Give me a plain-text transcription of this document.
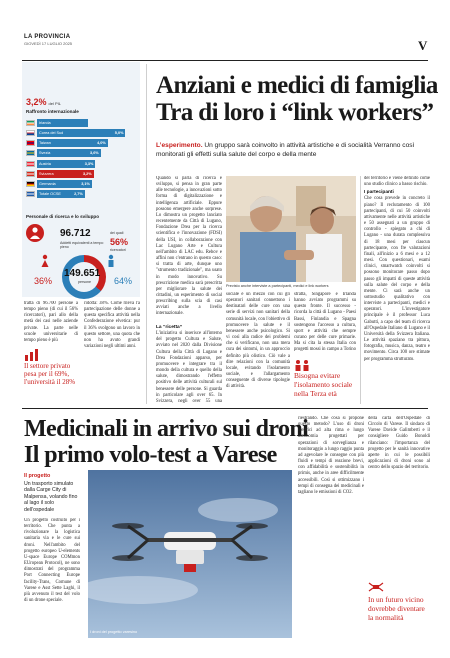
LA PROVINCIA
GIOVEDÌ 17 LUGLIO 2025	V
3,2% del PIL
Raffronto internazionale
Irlanda
Corea del Sud	5,0%
Taiwan	4,0%
Svezia	3,6%
Austria	3,3%
Svizzera	3,2%
Germania	3,1%
Totale OCSE	2,7%
Personale di ricerca e lo sviluppo
96.712
Addetti equivalenti a tempo pieno
dei quali
56%
ricercatori
149.651
persone
36%	64%
tratta di 96.700 persone a tempo pieno (di cui il 56% ricercatori), pari allo della metà dei casi nelle aziende private. La parte nelle scuole universitarie di tempo pieno è più
ridotta: 38%. Come rileva l'a partecipazione delle donne a questa specifica attività nella Confederazione elvetica: pur il 36% svolgono un lavoro in questo settore, una quota che non ha avuto grandi variazioni negli ultimi anni.
Il settore privato pesa per il 69%, l'università il 28%
Anziani e medici di famiglia
Tra di loro i “link workers”
L’esperimento. Un gruppo sarà coinvolto in attività artistiche e di socialità Verranno così monitorati gli effetti sulla salute del corpo e della mente
Quando si parla di ricerca e sviluppo, si pensa in gran parte alle tecnologie, a innovazioni sotto forma di digitalizzazione e intelligenza artificiale. Eppure possono emergere anche sorprese. Lo dimostra un progetto lanciato recentemente da Città di Lugano, Fondazione Drea per la ricerca scientifica e l'innovazione (FDSI) della USI, in collaborazione con Lac Lugano Arte e Cultura nell'ambito di LAC edu. Rebov e affini non c'entrano in questo caso: si tratta di arte, dunque uno "strumento tradizionale", ma usato in modo innovativo. Su prescrizione medica sarà prescritta per migliorare la salute dei cittadini, un esperimento di social prescribing sulla scia di casi avviati anche a livello internazionale.
La “ricetta”
L'iniziativa si inserisce all'interno del progetto Cultura e Salute, avviato nel 2020 dalla Divisione Cultura della Città di Lugano e Drea Fondazioni apparso, per promuovere e integrare tra il mondo della cultura e quello della salute, dimostrando l'effetto positivo delle attività culturali sul benessere delle persone. Si guarda in particolare agli over 65. In Svizzera, negli over 55 una
Previsto anche interviste a partecipanti, medici e link workers
sociale è un mezzo con cui gli operatori sanitari connettono i destinatari delle cure con una serie di servizi non sanitari della comunità locale, con l'obiettivo di promuovere la salute e il benessere anche psicologico. Si vi così alla radice dei problemi che si verificano, non una mera cura dei sintomi, in un approccio definito più olistico. Ciò vale a dire relazioni con la comunità locale, evitando l'isolamento sociale, e l'allargamento conseguente di diverse tipologie di attività.
stratta, Singapore e Irlanda hanno avviato programmi su questo fronte. Il successo - ricorda la città di Lugano - Paesi Bassi, Finlandia e Spagna sostengono l'accesso a cultura, sport e attività che sempre curano per delle cure primarie. Ma si cita la stessa Italia con progetti mossi in campo a Torino
Bisogna evitare l'isolamento sociale nella Terza età
del territorio e viene definito come uno studio clinico a basso rischio.
I partecipanti
Che cosa prevede in concreto il piano? Il reclutamento di 100 partecipanti, di cui 50 coinvolti attivamente nelle attività artistiche e 50 assegnati a un gruppo di controllo - spiegato a chi di Lugano - una durata complessiva di 18 mesi per ciascun partecipante, con fre valutazioni finali, all'inizio a 6 mesi e a 12 mesi. Con questionari, esami clinici, smartwatch coinvolti si possono monitorare passo dopo passo gli impatti di queste attività sulla salute del corpo e della mente. Ci sarà anche un sottostudio qualitativo con interviste a partecipanti, medici e operatori. L'investigatore principale è il professor Luca Gabutti, a capo del team di ricerca all'Ospedale Italiano di Lugano e il Università della Svizzera Italiana. Le attività spaziano tra pittura, fotografia, musica, danza, teatro e movimento. Circa 100 ore stimate per programma strutturato.
Medicinali in arrivo sui droni
Il primo volo-test a Varese
Il progetto
Un trasporto simulato dalla Carge City di Malpensa, volando fino al lago il solo dell'ospedale
Un progetto costruito per i territorio. Che punta a rivoluzionare la logistica sanitaria via e le cure sui droni. Nell'ambito del progetto europeo U-elements U-space Europe COMmon EUropean Protocol), ne sono dimostrati del programma Port Connecting Europe facility-Trans, Comune di Varese e Asst Sette Laghi, il più avvenuto il test del volo di un drone speciale.
I droni del progetto varesino
riestrando. Che cosa si propone questo metodo? L'uso di droni elettrici ad alta rima e lungo autonomia progettati per operazioni di sorveglianza e monitoraggio a lungo raggio punta ad agevolare le consegne con più fluidi e tempi di reazione brevi, con affidabilità e sostenibilità in primis, anche in aree difficilmente accessibili. Così si ottimizzano i tempi di consegna dei medicinali e tagliano le emissioni di CO2.
della carta dell'Ospedale di Circolo di Varese. Il sindaco di Varese Davide Galimberti e il consigliere Guido Bonoldi rilanciano: l'importanza del progetto per le sanità innovative aperte in cui le possibili applicazioni di droni sono al centro dello spazio del territorio.
In un futuro vicino dovrebbe diventare la normalità
